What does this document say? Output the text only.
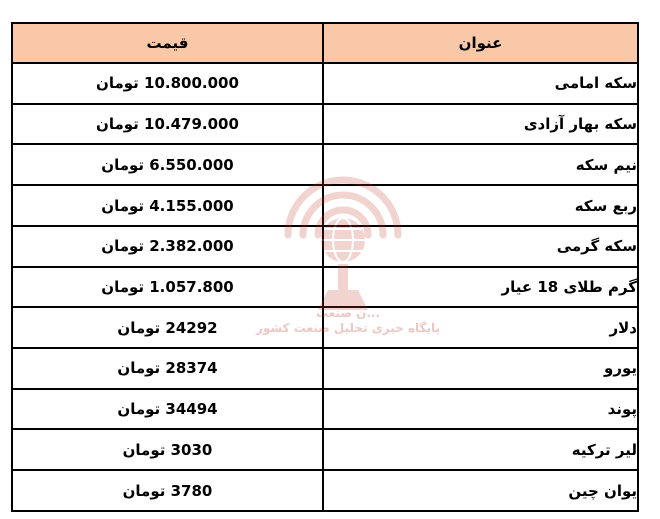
قیمت	عنوان
10.800.000 تومان	سکه امامی
10.479.000 تومان	سکه بهار آزادی
6.550.000 تومان	نیم سکه
4.155.000 تومان	ربع سکه
2.382.000 تومان	سکه گرمی
1.057.800 تومان	گرم طلای 18 عیار
24292 تومان	دلار
28374 تومان	یورو
34494 تومان	پوند
3030 تومان	لیر ترکیه
3780 تومان	یوان چین
...ن صنعت
پایگاه خبری تحلیل صنعت کشور
